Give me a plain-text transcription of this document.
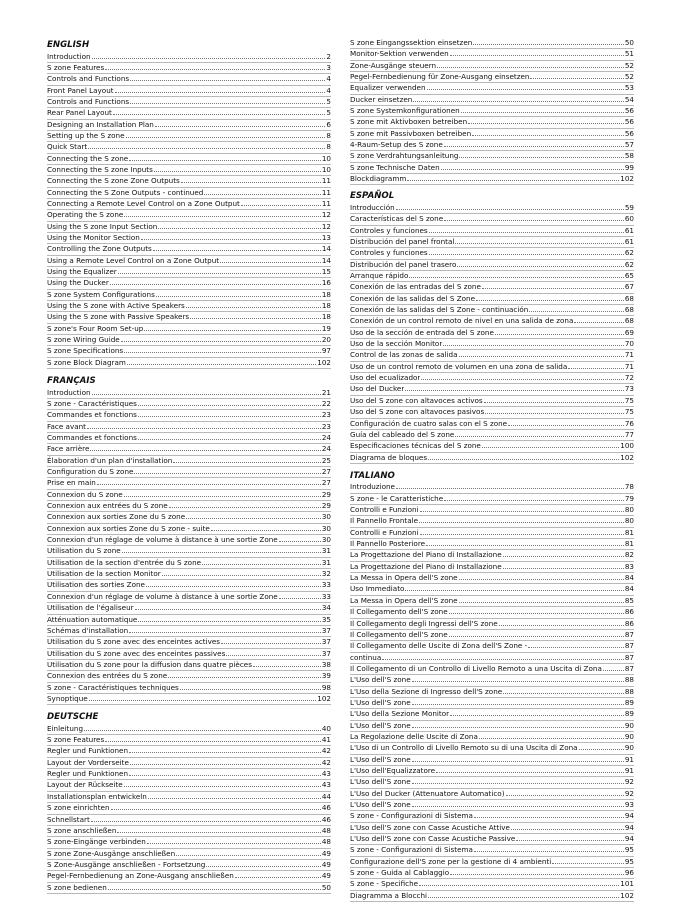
ENGLISH
Introduction	2
S zone Features	3
Controls and Functions	4
Front Panel Layout	4
Controls and Functions	5
Rear Panel Layout	5
Designing an Installation Plan	6
Setting up the S zone	8
Quick Start	8
Connecting the S zone	10
Connecting the S zone Inputs	10
Connecting the S zone Zone Outputs	11
Connecting the S Zone Outputs - continued	11
Connecting a Remote Level Control on a Zone Output	11
Operating the S zone	12
Using the S zone Input Section	12
Using the Monitor Section	13
Controlling the Zone Outputs	14
Using a Remote Level Control on a Zone Output	14
Using the Equalizer	15
Using the Ducker	16
S zone System Configurations	18
Using the S zone with Active Speakers	18
Using the S zone with Passive Speakers	18
S zone's Four Room Set-up	19
S zone Wiring Guide	20
S zone Specifications	97
S zone Block Diagram	102
FRANÇAIS
Introduction	21
S zone - Caractéristiques	22
Commandes et fonctions	23
Face avant	23
Commandes et fonctions	24
Face arrière	24
Élaboration d'un plan d'installation	25
Configuration du S zone	27
Prise en main	27
Connexion du S zone	29
Connexion aux entrées du S zone	29
Connexion aux sorties Zone du S zone	30
Connexion aux sorties Zone du S zone - suite	30
Connexion d'un réglage de volume à distance à une sortie Zone	30
Utilisation du S zone	31
Utilisation de la section d'entrée du S zone	31
Utilisation de la section Monitor	32
Utilisation des sorties Zone	33
Connexion d'un réglage de volume à distance à une sortie Zone	33
Utilisation de l'égaliseur	34
Atténuation automatique	35
Schémas d'installation	37
Utilisation du S zone avec des enceintes actives	37
Utilisation du S zone avec des enceintes passives	37
Utilisation du S zone pour la diffusion dans quatre pièces	38
Connexion des entrées du S zone	39
S zone - Caractéristiques techniques	98
Synoptique	102
DEUTSCHE
Einleitung	40
S zone Features	41
Regler und Funktionen	42
Layout der Vorderseite	42
Regler und Funktionen	43
Layout der Rückseite	43
Installationsplan entwickeln	44
S zone einrichten	46
Schnellstart	46
S zone anschließen	48
S zone-Eingänge verbinden	48
S zone Zone-Ausgänge anschließen	49
S Zone-Ausgänge anschließen - Fortsetzung	49
Pegel-Fernbedienung an Zone-Ausgang anschließen	49
S zone bedienen	50
S zone Eingangssektion einsetzen	50
Monitor-Sektion verwenden	51
Zone-Ausgänge steuern	52
Pegel-Fernbedienung für Zone-Ausgang einsetzen	52
Equalizer verwenden	53
Ducker einsetzen	54
S zone Systemkonfigurationen	56
S zone mit Aktivboxen betreiben	56
S zone mit Passivboxen betreiben	56
4-Raum-Setup des S zone	57
S zone Verdrahtungsanleitung	58
S zone Technische Daten	99
Blockdiagramm	102
ESPAÑOL
Introducción	59
Características del S zone	60
Controles y funciones	61
Distribución del panel frontal	61
Controles y funciones	62
Distribución del panel trasero	62
Arranque rápido	65
Conexión de las entradas del S zone	67
Conexión de las salidas del S Zone	68
Conexión de las salidas del S Zone - continuación	68
Conexión de un control remoto de nivel en una salida de zona	68
Uso de la sección de entrada del S zone	69
Uso de la sección Monitor	70
Control de las zonas de salida	71
Uso de un control remoto de volumen en una zona de salida	71
Uso del ecualizador	72
Uso del Ducker	73
Uso del S zone con altavoces activos	75
Uso del S zone con altavoces pasivos	75
Configuración de cuatro salas con el S zone	76
Guía del cableado del S zone	77
Especificaciones técnicas del S zone	100
Diagrama de bloques	102
ITALIANO
Introduzione	78
S zone - le Caratteristiche	79
Controlli e Funzioni	80
Il Pannello Frontale	80
Controlli e Funzioni	81
Il Pannello Posteriore	81
La Progettazione del Piano di Installazione	82
La Progettazione del Piano di Installazione	83
La Messa in Opera dell'S zone	84
Uso Immediato	84
La Messa in Opera dell'S zone	85
Il Collegamento dell'S zone	86
Il Collegamento degli Ingressi dell'S zone	86
Il Collegamento dell'S zone	87
Il Collegamento delle Uscite di Zona dell'S Zone -	87
continua	87
Il Collegamento di un Controllo di Livello Remoto a una Uscita di Zona	87
L'Uso dell'S zone	88
L'Uso della Sezione di Ingresso dell'S zone	88
L'Uso dell'S zone	89
L'Uso della Sezione Monitor	89
L'Uso dell'S zone	90
La Regolazione delle Uscite di Zona	90
L'Uso di un Controllo di Livello Remoto su di una Uscita di Zona	90
L'Uso dell'S zone	91
L'Uso dell'Equalizzatore	91
L'Uso dell'S zone	92
L'Uso del Ducker (Attenuatore Automatico)	92
L'Uso dell'S zone	93
S zone - Configurazioni di Sistema	94
L'Uso dell'S zone con Casse Acustiche Attive	94
L'Uso dell'S zone con Casse Acustiche Passive	94
S zone - Configurazioni di Sistema	95
Configurazione dell'S zone per la gestione di 4 ambienti	95
S zone - Guida al Cablaggio	96
S zone - Specifiche	101
Diagramma a Blocchi	102
